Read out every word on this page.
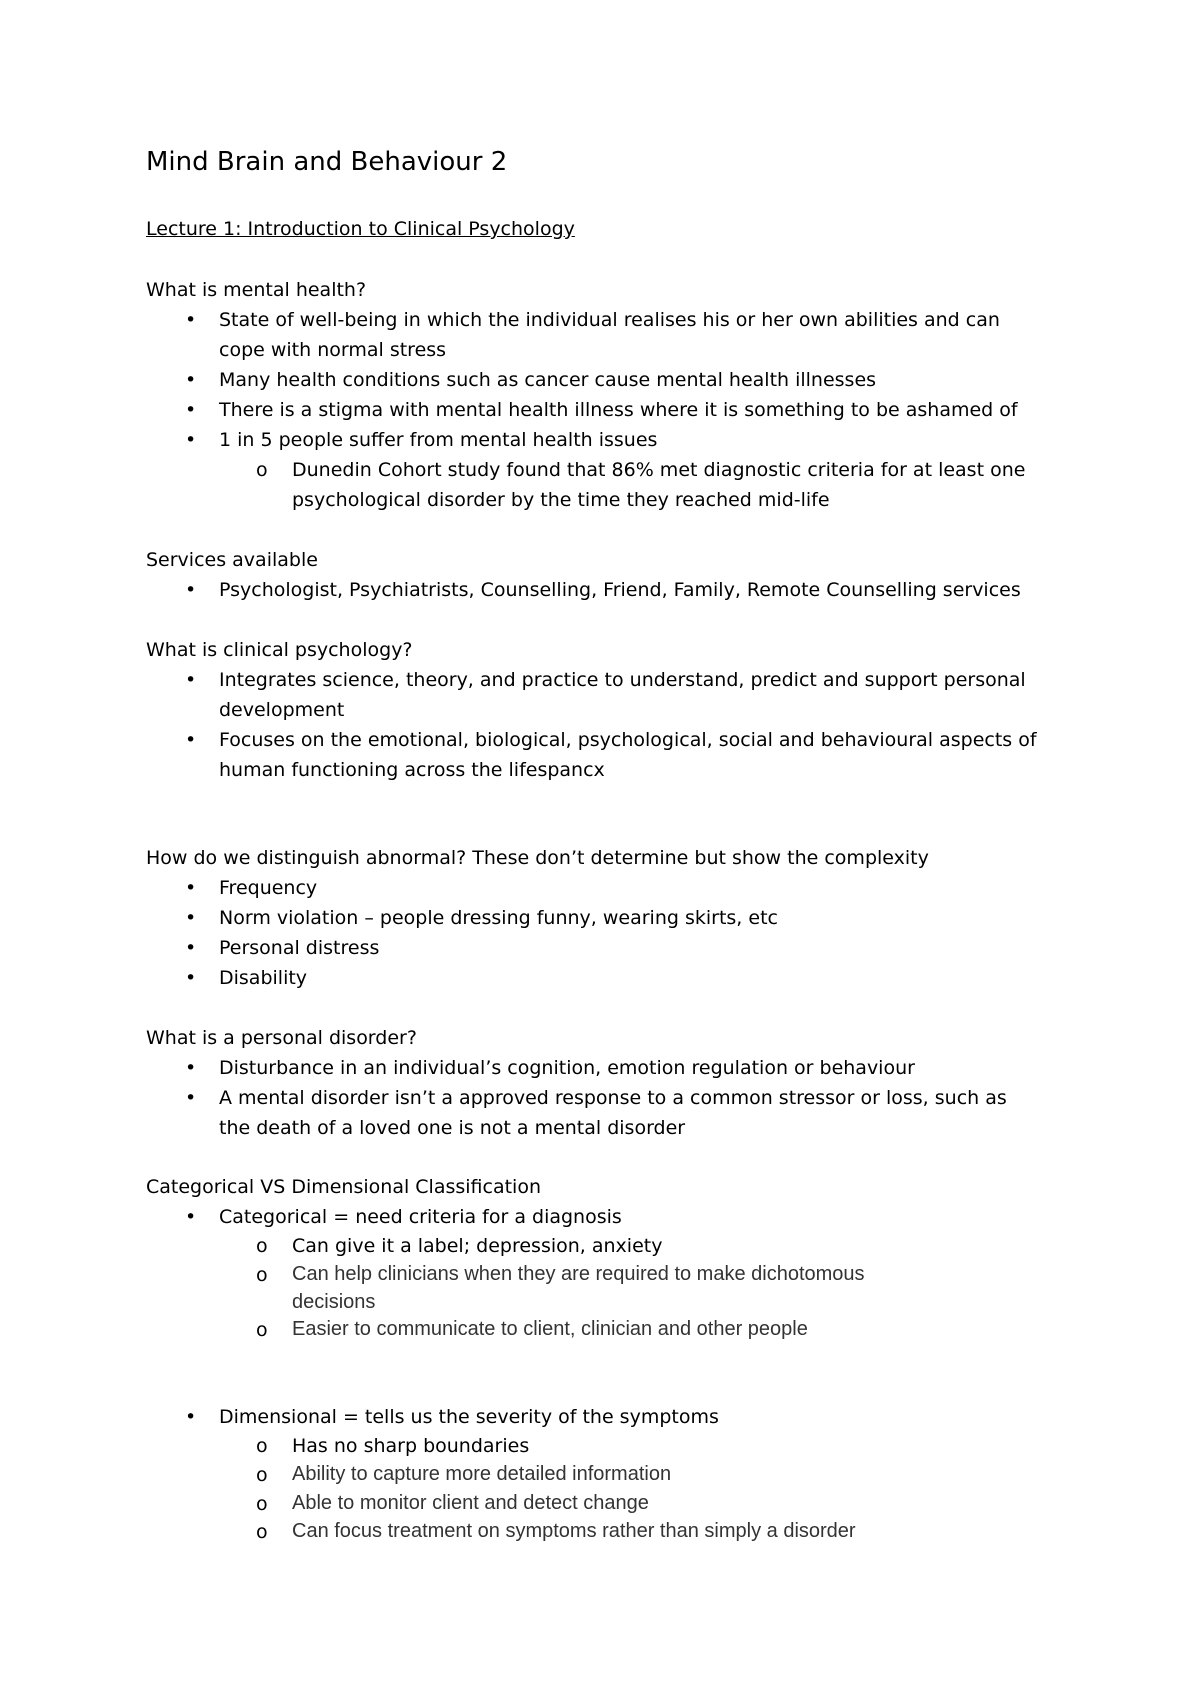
Mind Brain and Behaviour 2
Lecture 1: Introduction to Clinical Psychology
What is mental health?
• State of well-being in which the individual realises his or her own abilities and can
cope with normal stress
• Many health conditions such as cancer cause mental health illnesses
• There is a stigma with mental health illness where it is something to be ashamed of
• 1 in 5 people suffer from mental health issues
o Dunedin Cohort study found that 86% met diagnostic criteria for at least one
psychological disorder by the time they reached mid-life
Services available
• Psychologist, Psychiatrists, Counselling, Friend, Family, Remote Counselling services
What is clinical psychology?
• Integrates science, theory, and practice to understand, predict and support personal
development
• Focuses on the emotional, biological, psychological, social and behavioural aspects of
human functioning across the lifespancx
How do we distinguish abnormal? These don’t determine but show the complexity
• Frequency
• Norm violation – people dressing funny, wearing skirts, etc
• Personal distress
• Disability
What is a personal disorder?
• Disturbance in an individual’s cognition, emotion regulation or behaviour
• A mental disorder isn’t a approved response to a common stressor or loss, such as
the death of a loved one is not a mental disorder
Categorical VS Dimensional Classification
• Categorical = need criteria for a diagnosis
o Can give it a label; depression, anxiety
o Can help clinicians when they are required to make dichotomous
decisions
o Easier to communicate to client, clinician and other people
• Dimensional = tells us the severity of the symptoms
o Has no sharp boundaries
o Ability to capture more detailed information
o Able to monitor client and detect change
o Can focus treatment on symptoms rather than simply a disorder
